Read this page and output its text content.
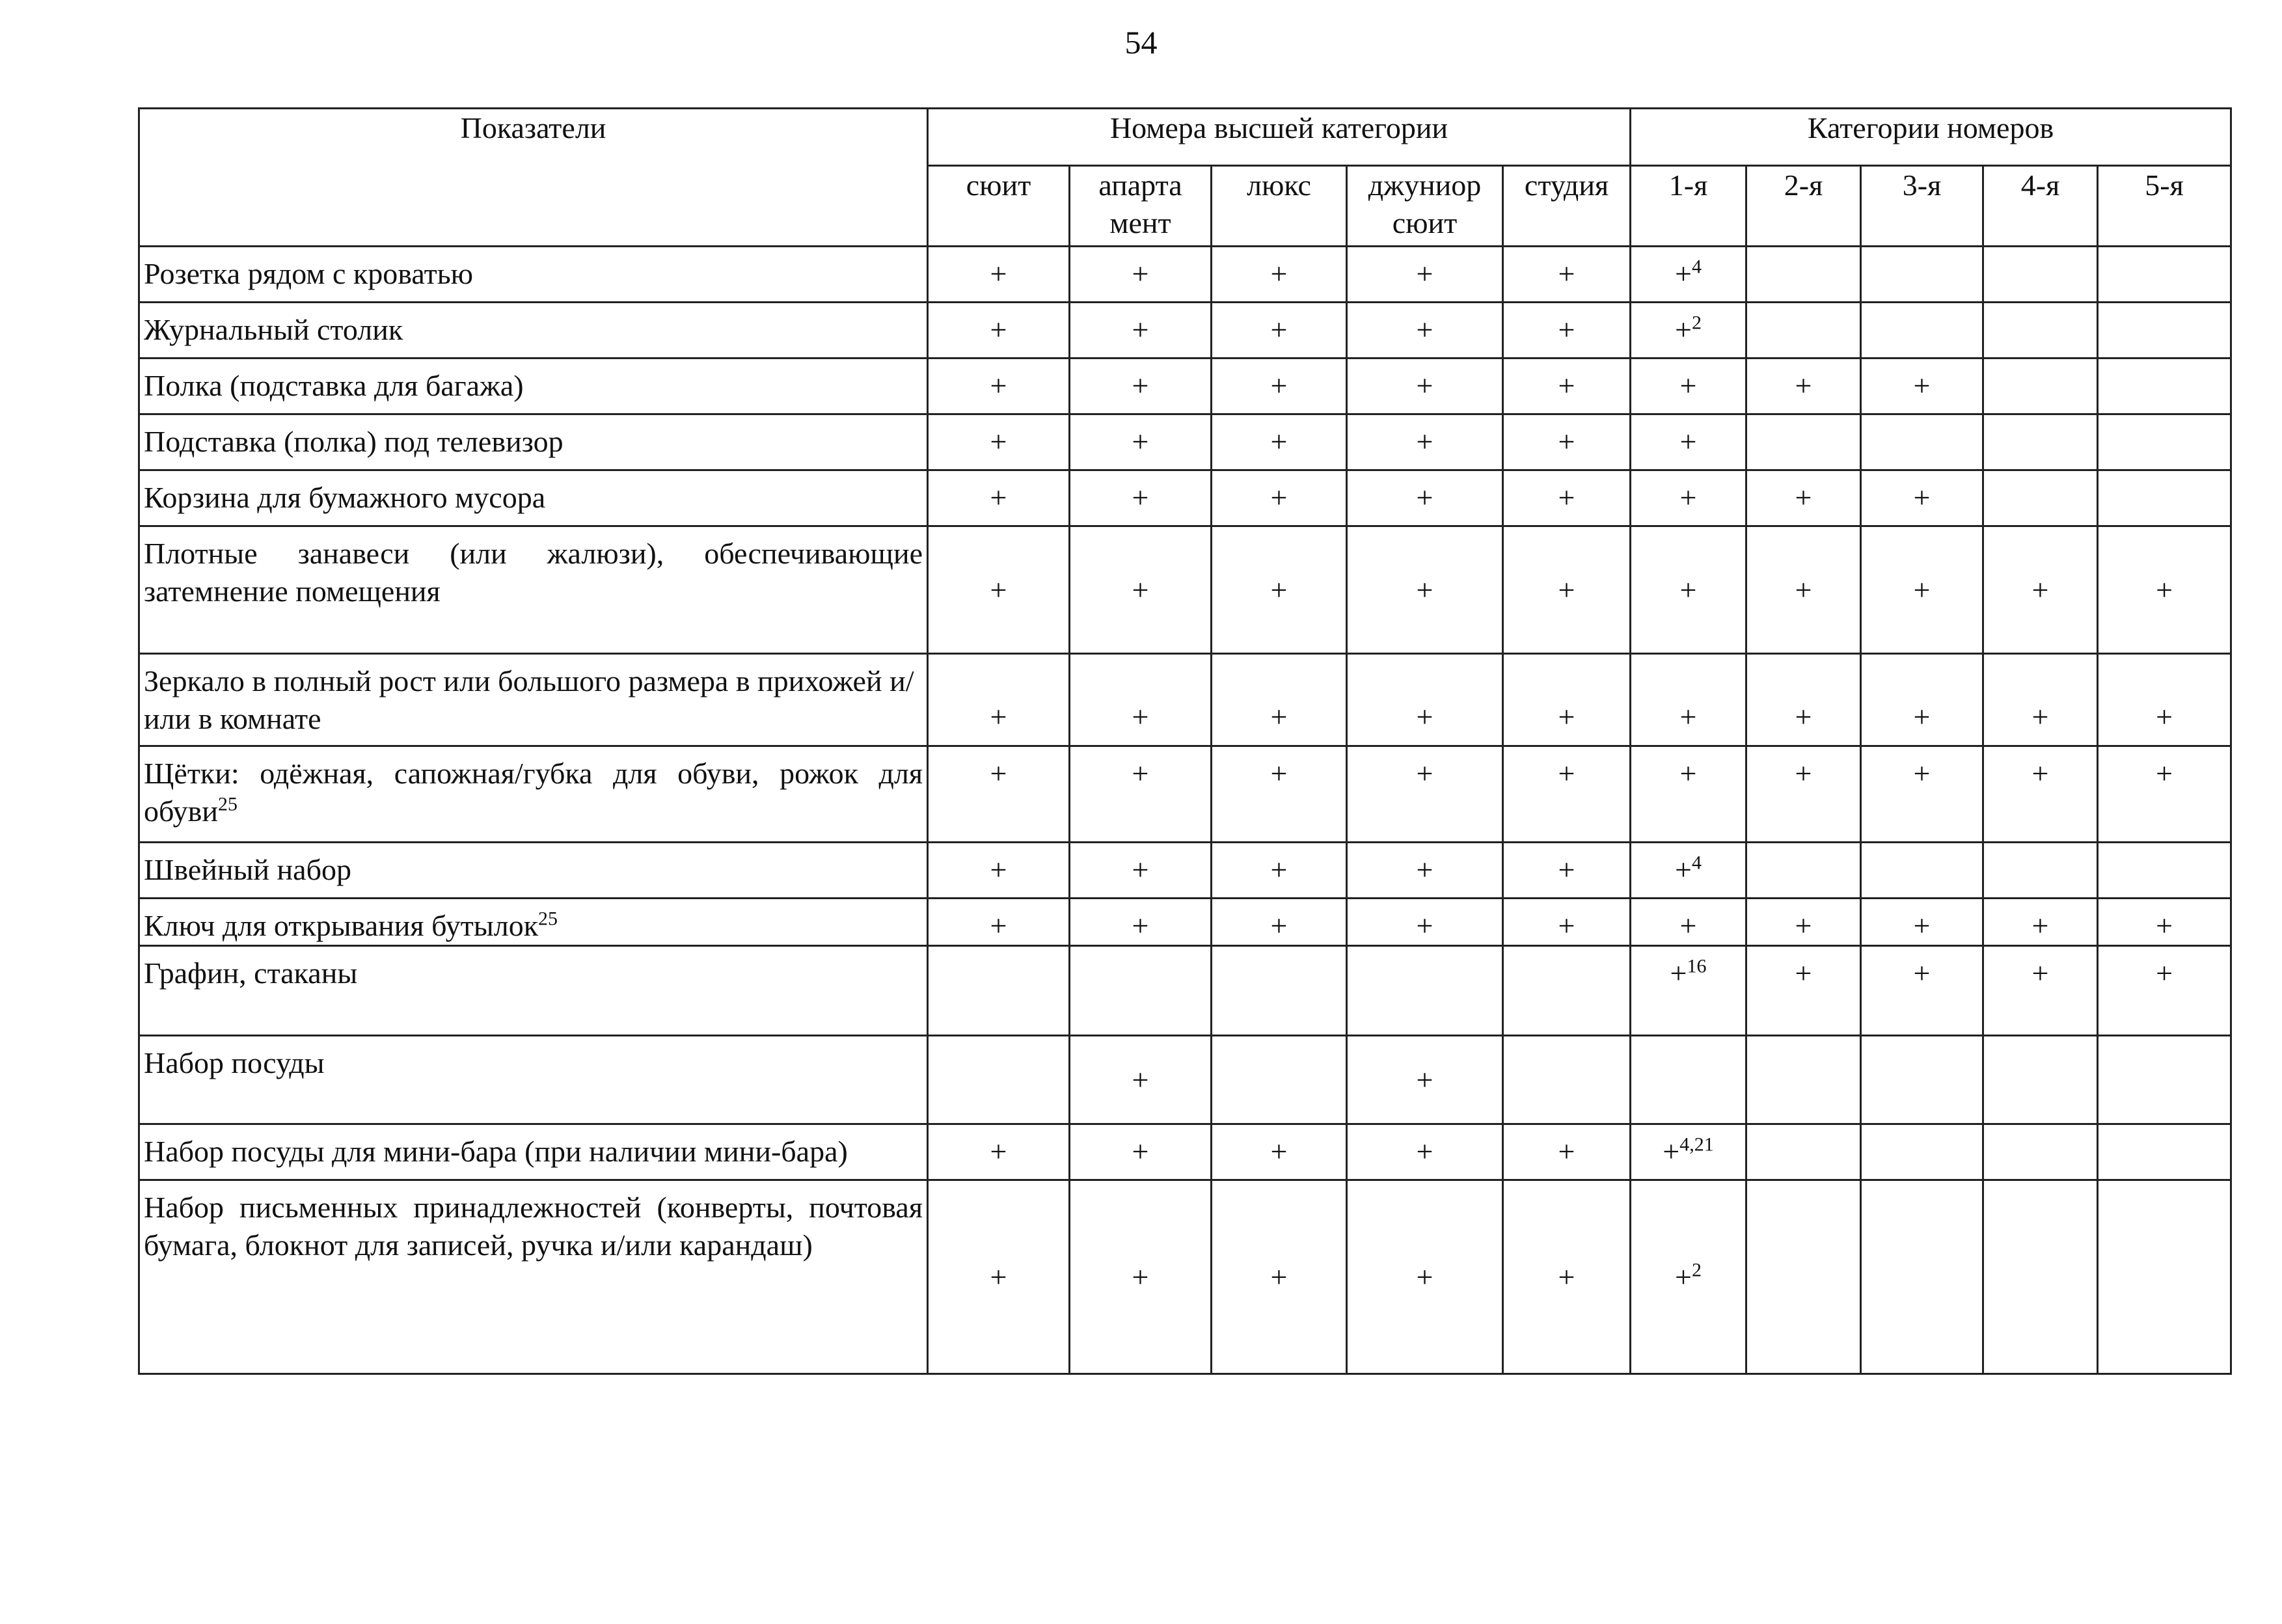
54
Показатели	Номера высшей категории					Категории номеров				
	сюит	апарта мент	люкс	джуниор сюит	студия	1-я	2-я	3-я	4-я	5-я
Розетка рядом с кроватью	+	+	+	+	+	+$^4$				
Журнальный столик	+	+	+	+	+	+$^2$				
Полка (подставка для багажа)	+	+	+	+	+	+	+	+		
Подставка (полка) под телевизор	+	+	+	+	+	+				
Корзина для бумажного мусора	+	+	+	+	+	+	+	+		
Плотные занавеси (или жалюзи), обеспечивающие затемнение помещения	+	+	+	+	+	+	+	+	+	+
Зеркало в полный рост или большого размера в прихожей и/или в комнате	+	+	+	+	+	+	+	+	+	+
Щётки: одёжная, сапожная/губка для обуви, рожок для обуви$^{25}$	+	+	+	+	+	+	+	+	+	+
Швейный набор	+	+	+	+	+	+$^4$				
Ключ для открывания бутылок$^{25}$	+	+	+	+	+	+	+	+	+	+
Графин, стаканы						+$^{16}$	+	+	+	+
Набор посуды		+		+						
Набор посуды для мини-бара (при наличии мини-бара)	+	+	+	+	+	+$^{4,21}$				
Набор письменных принадлежностей (конверты, почтовая бумага, блокнот для записей, ручка и/или карандаш)	+	+	+	+	+	+$^2$				
